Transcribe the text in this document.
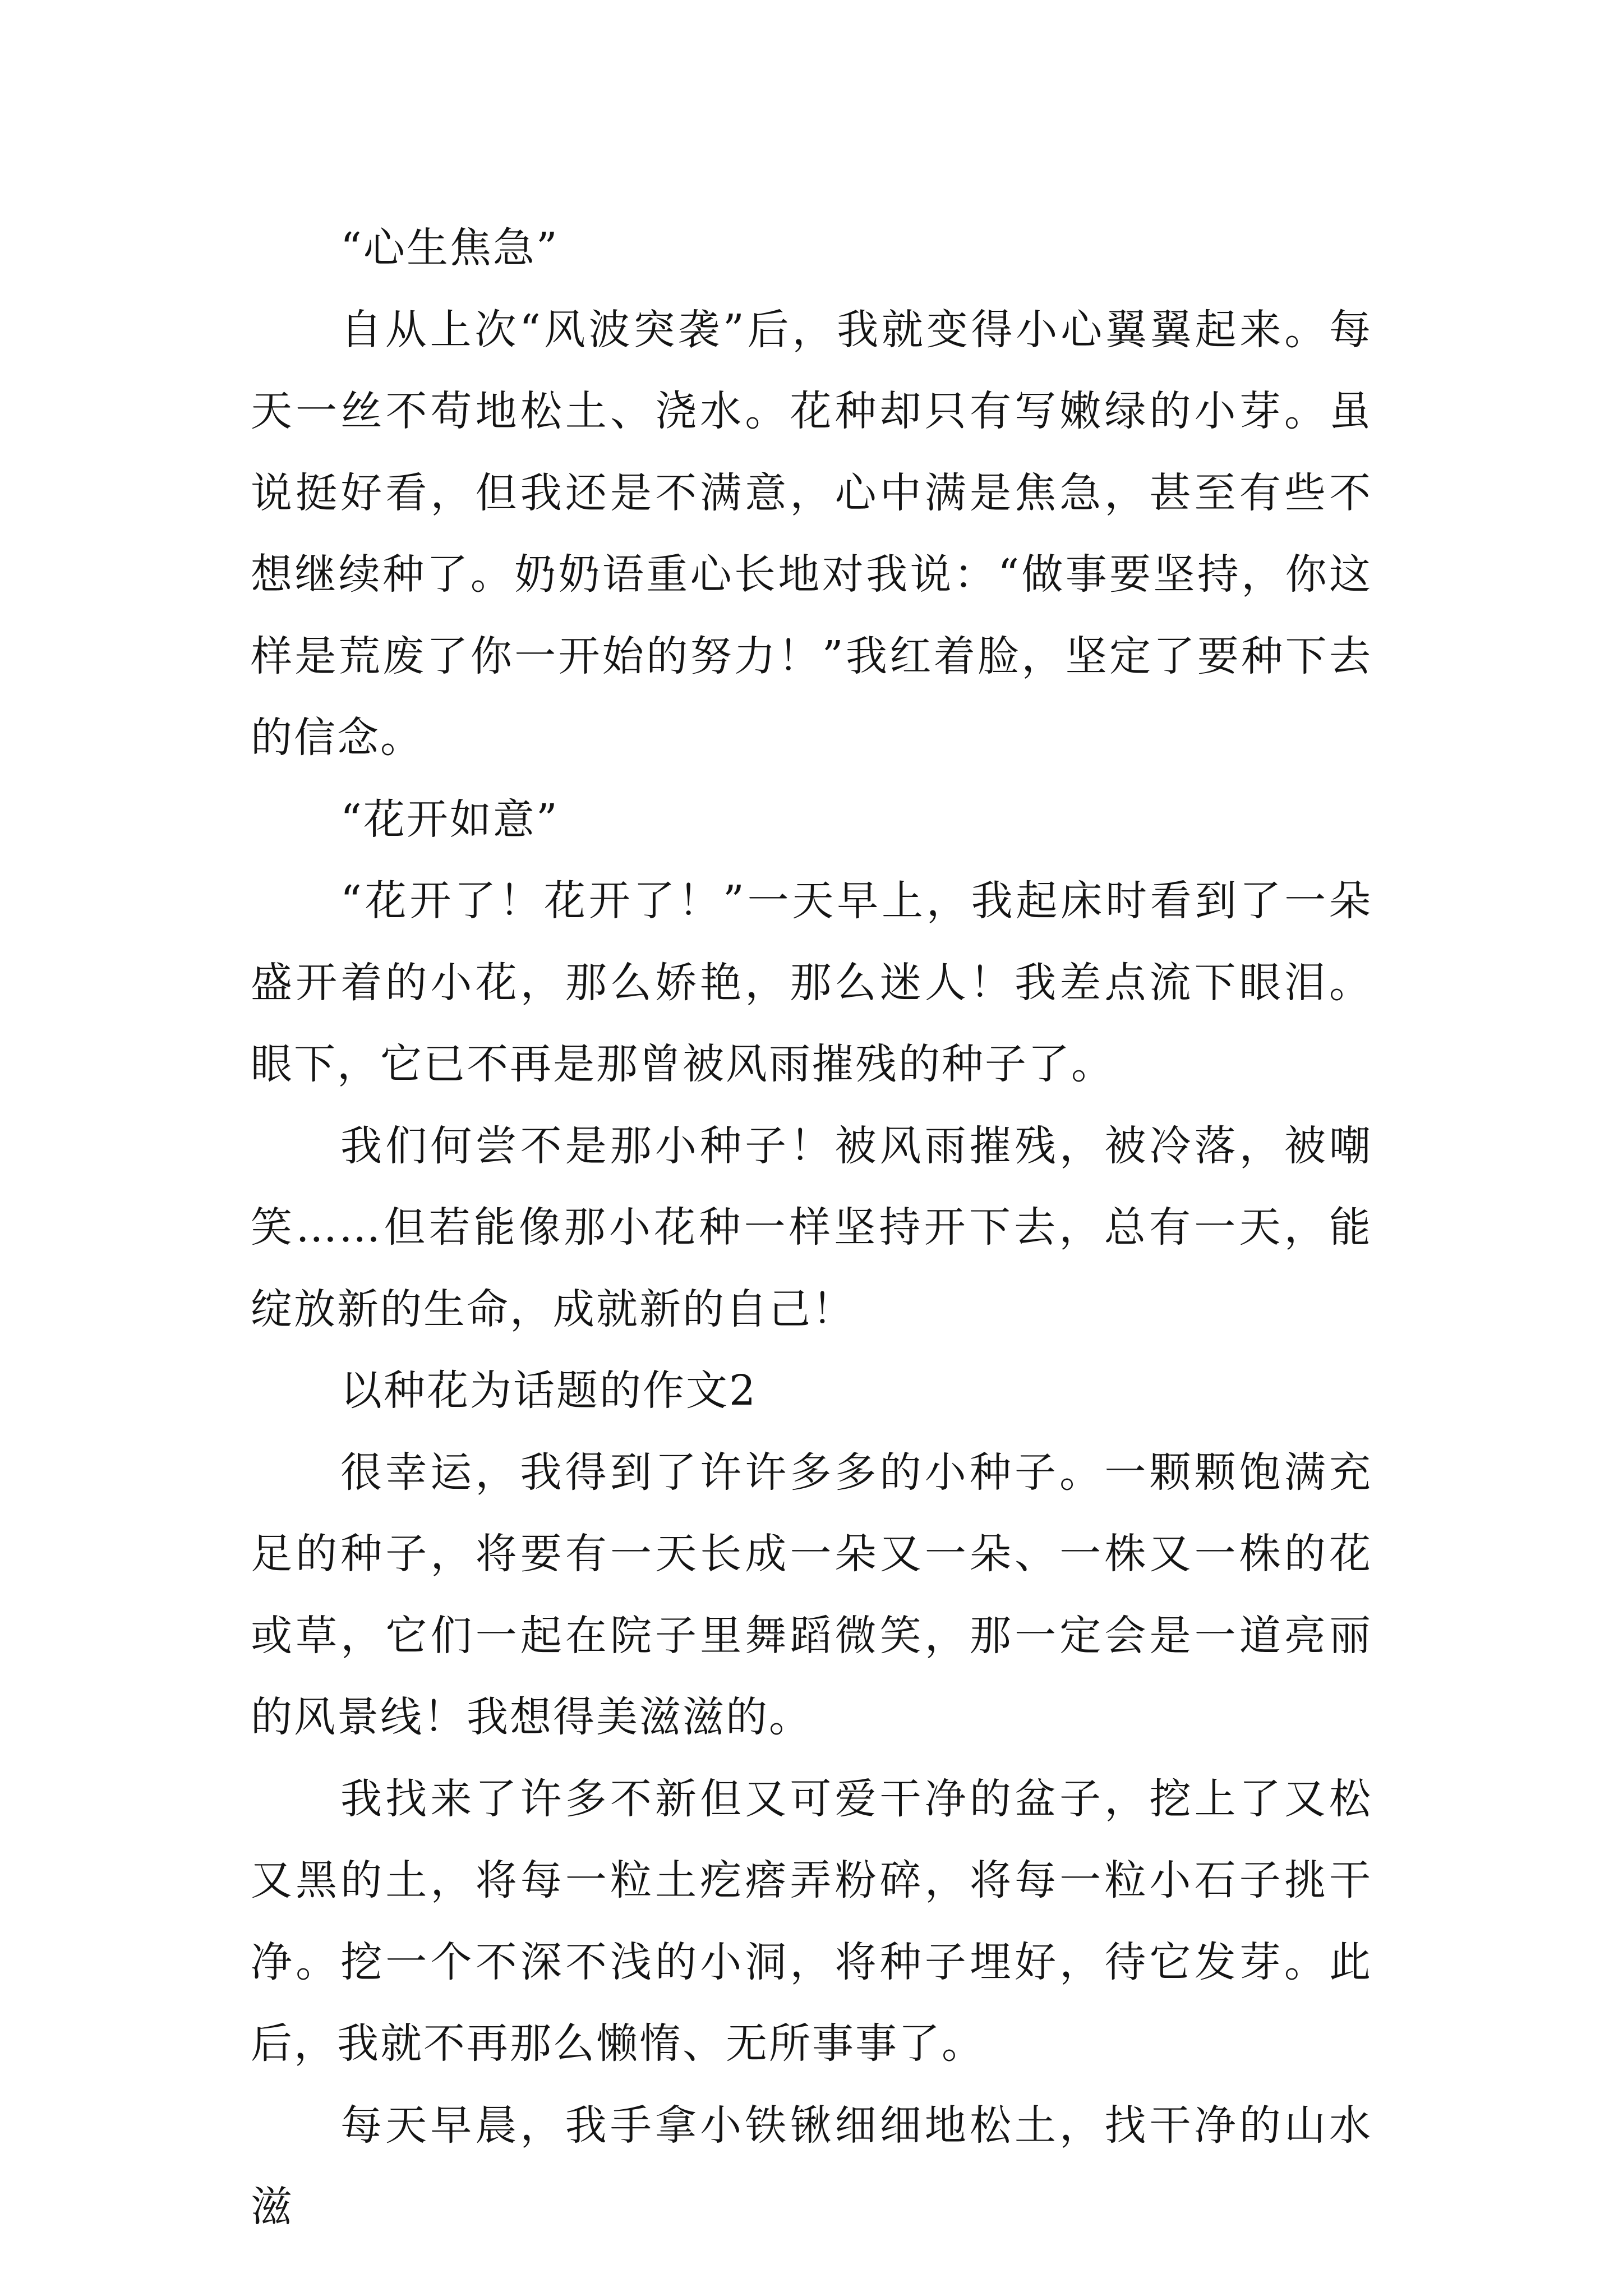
“心生焦急”

自从上次“风波突袭”后，我就变得小心翼翼起来。每天一丝不苟地松土、浇水。花种却只有写嫩绿的小芽。虽说挺好看，但我还是不满意，心中满是焦急，甚至有些不想继续种了。奶奶语重心长地对我说：“做事要坚持，你这样是荒废了你一开始的努力！”我红着脸，坚定了要种下去的信念。

“花开如意”

“花开了！花开了！”一天早上，我起床时看到了一朵盛开着的小花，那么娇艳，那么迷人！我差点流下眼泪。眼下，它已不再是那曾被风雨摧残的种子了。

我们何尝不是那小种子！被风雨摧残，被冷落，被嘲笑……但若能像那小花种一样坚持开下去，总有一天，能绽放新的生命，成就新的自己！

以种花为话题的作文2

很幸运，我得到了许许多多的小种子。一颗颗饱满充足的种子，将要有一天长成一朵又一朵、一株又一株的花或草，它们一起在院子里舞蹈微笑，那一定会是一道亮丽的风景线！我想得美滋滋的。

我找来了许多不新但又可爱干净的盆子，挖上了又松又黑的土，将每一粒土疙瘩弄粉碎，将每一粒小石子挑干净。挖一个不深不浅的小洞，将种子埋好，待它发芽。此后，我就不再那么懒惰、无所事事了。

每天早晨，我手拿小铁锹细细地松土，找干净的山水滋
